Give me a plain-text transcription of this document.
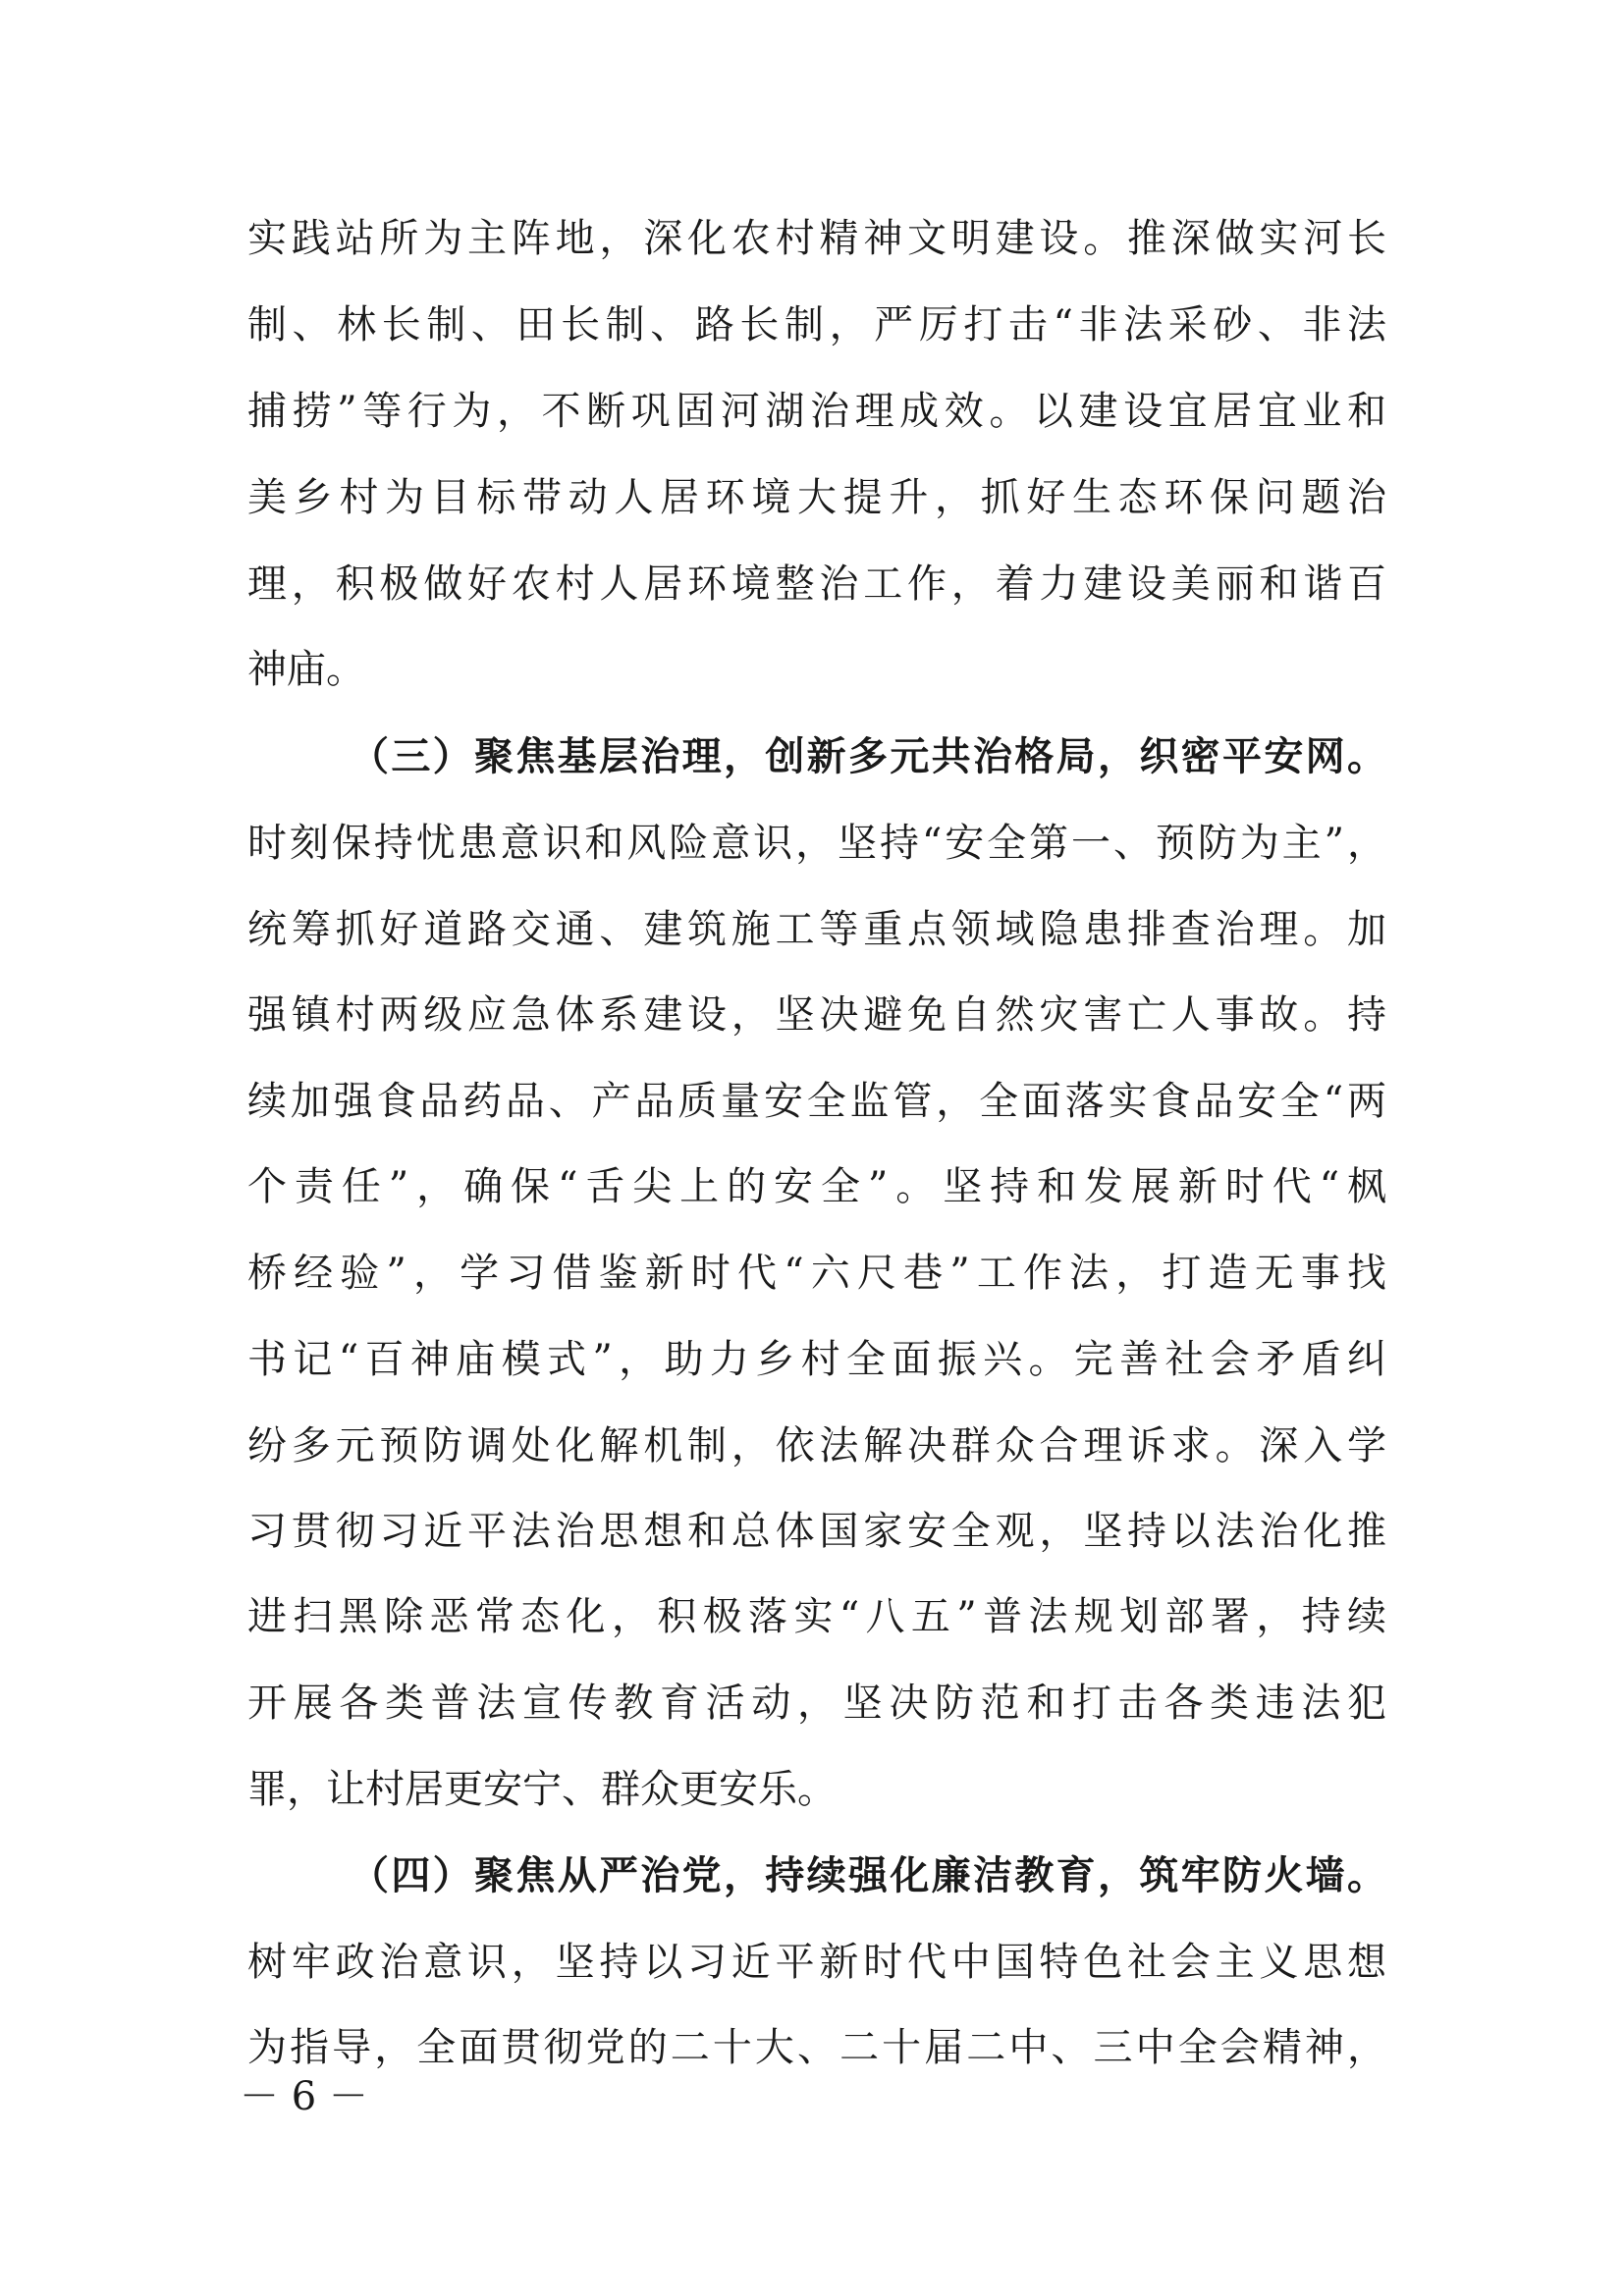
实践站所为主阵地，深化农村精神文明建设。推深做实河长
制、林长制、田长制、路长制，严厉打击“非法采砂、非法
捕捞”等行为，不断巩固河湖治理成效。以建设宜居宜业和
美乡村为目标带动人居环境大提升，抓好生态环保问题治
理，积极做好农村人居环境整治工作，着力建设美丽和谐百
神庙。
（三）聚焦基层治理，创新多元共治格局，织密平安网。
时刻保持忧患意识和风险意识，坚持“安全第一、预防为主”，
统筹抓好道路交通、建筑施工等重点领域隐患排查治理。加
强镇村两级应急体系建设，坚决避免自然灾害亡人事故。持
续加强食品药品、产品质量安全监管，全面落实食品安全“两
个责任”，确保“舌尖上的安全”。坚持和发展新时代“枫
桥经验”，学习借鉴新时代“六尺巷”工作法，打造无事找
书记“百神庙模式”，助力乡村全面振兴。完善社会矛盾纠
纷多元预防调处化解机制，依法解决群众合理诉求。深入学
习贯彻习近平法治思想和总体国家安全观，坚持以法治化推
进扫黑除恶常态化，积极落实“八五”普法规划部署，持续
开展各类普法宣传教育活动，坚决防范和打击各类违法犯
罪，让村居更安宁、群众更安乐。
（四）聚焦从严治党，持续强化廉洁教育，筑牢防火墙。
树牢政治意识，坚持以习近平新时代中国特色社会主义思想
为指导，全面贯彻党的二十大、二十届二中、三中全会精神，
－ 6 －
